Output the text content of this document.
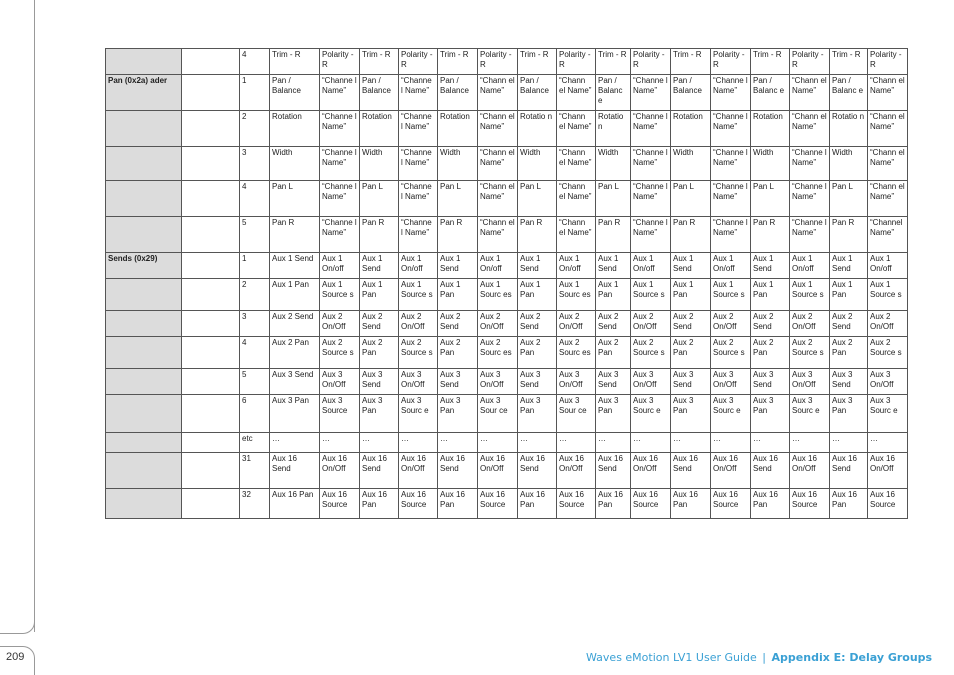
		4	Trim - R	Polarity - R	Trim - R	Polarity - R	Trim - R	Polarity - R	Trim - R	Polarity - R	Trim - R	Polarity - R	Trim - R	Polarity - R	Trim - R	Polarity - R	Trim - R	Polarity - R
Pan (0x2a) ader		1	Pan / Balance	“Channe l Name”	Pan / Balance	“Channe l Name”	Pan / Balance	“Chann el Name”	Pan / Balance	“Chann el Name”	Pan / Balanc e	“Channe l Name”	Pan / Balance	“Channe l Name”	Pan / Balanc e	“Chann el Name”	Pan / Balanc e	“Chann el Name”
		2	Rotation	“Channe l Name”	Rotation	“Channe l Name”	Rotation	“Chann el Name”	Rotatio n	“Chann el Name”	Rotatio n	“Channe l Name”	Rotation	“Channe l Name”	Rotation	“Chann el Name”	Rotatio n	“Chann el Name”
		3	Width	“Channe l Name”	Width	“Channe l Name”	Width	“Chann el Name”	Width	“Chann el Name”	Width	“Channe l Name”	Width	“Channe l Name”	Width	“Channe l Name”	Width	“Chann el Name”
		4	Pan L	“Channe l Name”	Pan L	“Channe l Name”	Pan L	“Chann el Name”	Pan L	“Chann el Name”	Pan L	“Channe l Name”	Pan L	“Channe l Name”	Pan L	“Channe l Name”	Pan L	“Chann el Name”
		5	Pan R	“Channe l Name”	Pan R	“Channe l Name”	Pan R	“Chann el Name”	Pan R	“Chann el Name”	Pan R	“Channe l Name”	Pan R	“Channe l Name”	Pan R	“Channe l Name”	Pan R	“Channel Name”
Sends (0x29)		1	Aux 1 Send	Aux 1 On/off	Aux 1 Send	Aux 1 On/off	Aux 1 Send	Aux 1 On/off	Aux 1 Send	Aux 1 On/off	Aux 1 Send	Aux 1 On/off	Aux 1 Send	Aux 1 On/off	Aux 1 Send	Aux 1 On/off	Aux 1 Send	Aux 1 On/off
		2	Aux 1 Pan	Aux 1 Source s	Aux 1 Pan	Aux 1 Source s	Aux 1 Pan	Aux 1 Sourc es	Aux 1 Pan	Aux 1 Sourc es	Aux 1 Pan	Aux 1 Source s	Aux 1 Pan	Aux 1 Source s	Aux 1 Pan	Aux 1 Source s	Aux 1 Pan	Aux 1 Source s
		3	Aux 2 Send	Aux 2 On/Off	Aux 2 Send	Aux 2 On/Off	Aux 2 Send	Aux 2 On/Off	Aux 2 Send	Aux 2 On/Off	Aux 2 Send	Aux 2 On/Off	Aux 2 Send	Aux 2 On/Off	Aux 2 Send	Aux 2 On/Off	Aux 2 Send	Aux 2 On/Off
		4	Aux 2 Pan	Aux 2 Source s	Aux 2 Pan	Aux 2 Source s	Aux 2 Pan	Aux 2 Sourc es	Aux 2 Pan	Aux 2 Sourc es	Aux 2 Pan	Aux 2 Source s	Aux 2 Pan	Aux 2 Source s	Aux 2 Pan	Aux 2 Source s	Aux 2 Pan	Aux 2 Source s
		5	Aux 3 Send	Aux 3 On/Off	Aux 3 Send	Aux 3 On/Off	Aux 3 Send	Aux 3 On/Off	Aux 3 Send	Aux 3 On/Off	Aux 3 Send	Aux 3 On/Off	Aux 3 Send	Aux 3 On/Off	Aux 3 Send	Aux 3 On/Off	Aux 3 Send	Aux 3 On/Off
		6	Aux 3 Pan	Aux 3 Source	Aux 3 Pan	Aux 3 Sourc e	Aux 3 Pan	Aux 3 Sour ce	Aux 3 Pan	Aux 3 Sour ce	Aux 3 Pan	Aux 3 Sourc e	Aux 3 Pan	Aux 3 Sourc e	Aux 3 Pan	Aux 3 Sourc e	Aux 3 Pan	Aux 3 Sourc e
		etc	…	…	…	…	…	…	…	…	…	…	…	…	…	…	…	…
		31	Aux 16 Send	Aux 16 On/Off	Aux 16 Send	Aux 16 On/Off	Aux 16 Send	Aux 16 On/Off	Aux 16 Send	Aux 16 On/Off	Aux 16 Send	Aux 16 On/Off	Aux 16 Send	Aux 16 On/Off	Aux 16 Send	Aux 16 On/Off	Aux 16 Send	Aux 16 On/Off
		32	Aux 16 Pan	Aux 16 Source	Aux 16 Pan	Aux 16 Source	Aux 16 Pan	Aux 16 Source	Aux 16 Pan	Aux 16 Source	Aux 16 Pan	Aux 16 Source	Aux 16 Pan	Aux 16 Source	Aux 16 Pan	Aux 16 Source	Aux 16 Pan	Aux 16 Source
209	Waves eMotion LV1 User Guide | Appendix E: Delay Groups
